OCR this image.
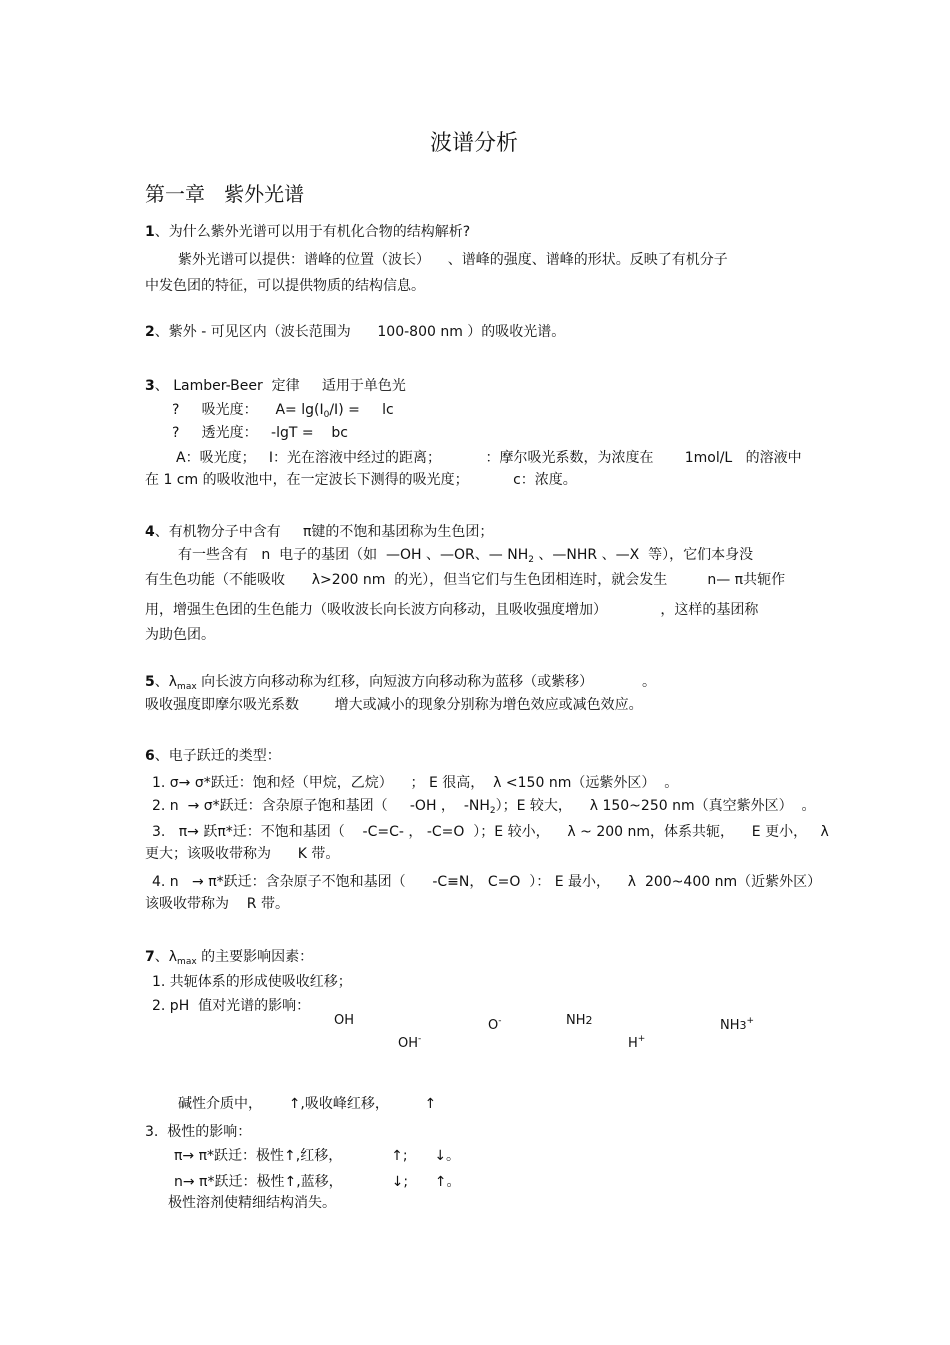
波谱分析
第一章   紫外光谱
1、为什么紫外光谱可以用于有机化合物的结构解析?
紫外光谱可以提供：谱峰的位置（波长）    、谱峰的强度、谱峰的形状。反映了有机分子
中发色团的特征，可以提供物质的结构信息。
2、紫外 - 可见区内（波长范围为      100-800 nm ）的吸收光谱。
3、 Lamber-Beer  定律     适用于单色光
?     吸光度：    $A= \lg(I_0/I)$ =     lc
?     透光度：   -lgT =    bc
A：吸光度；   I：光在溶液中经过的距离；          ：摩尔吸光系数，为浓度在       1mol/L   的溶液中
在 1 cm 的吸收池中，在一定波长下测得的吸光度；          c：浓度。
4、有机物分子中含有     π键的不饱和基团称为生色团；
有一些含有   n  电子的基团（如  —OH 、—OR、— $NH_2$ 、—NHR 、—X  等），它们本身没
有生色功能（不能吸收      λ>200 nm  的光），但当它们与生色团相连时，就会发生         n— π共轭作
用，增强生色团的生色能力（吸收波长向长波方向移动，且吸收强度增加）            ，这样的基团称
为助色团。
5、$\lambda_{max}$ 向长波方向移动称为红移，向短波方向移动称为蓝移（或紫移）           。
吸收强度即摩尔吸光系数        增大或减小的现象分别称为增色效应或减色效应。
6、电子跃迁的类型：
1. σ→ σ*跃迁：饱和烃（甲烷，乙烷）    ； E 很高，  λ <150 nm（远紫外区）  。
2. n  → σ*跃迁：含杂原子饱和基团（     -OH ，  $-NH_2$）；E 较大，    λ 150~250 nm（真空紫外区）  。
3.   π→ 跃π*迁：不饱和基团（    -C=C- ， -C=O  ）；E 较小，    λ ~ 200 nm，体系共轭，    E 更小，   λ
更大；该吸收带称为      K 带。
4. n   → π*跃迁：含杂原子不饱和基团（      -C≡N， C=O  ）： E 最小，    λ  200~400 nm（近紫外区）
该吸收带称为    R 带。
7、$\lambda_{max}$ 的主要影响因素：
1. 共轭体系的形成使吸收红移；
2. pH  值对光谱的影响：
OH
OH-
O-	NH2
H+
NH3+
碱性介质中，      ↑,吸收峰红移，        ↑
3.  极性的影响：
π→ π*跃迁：极性↑,红移，           ↑;      ↓。
n→ π*跃迁：极性↑,蓝移，           ↓;      ↑。
极性溶剂使精细结构消失。
